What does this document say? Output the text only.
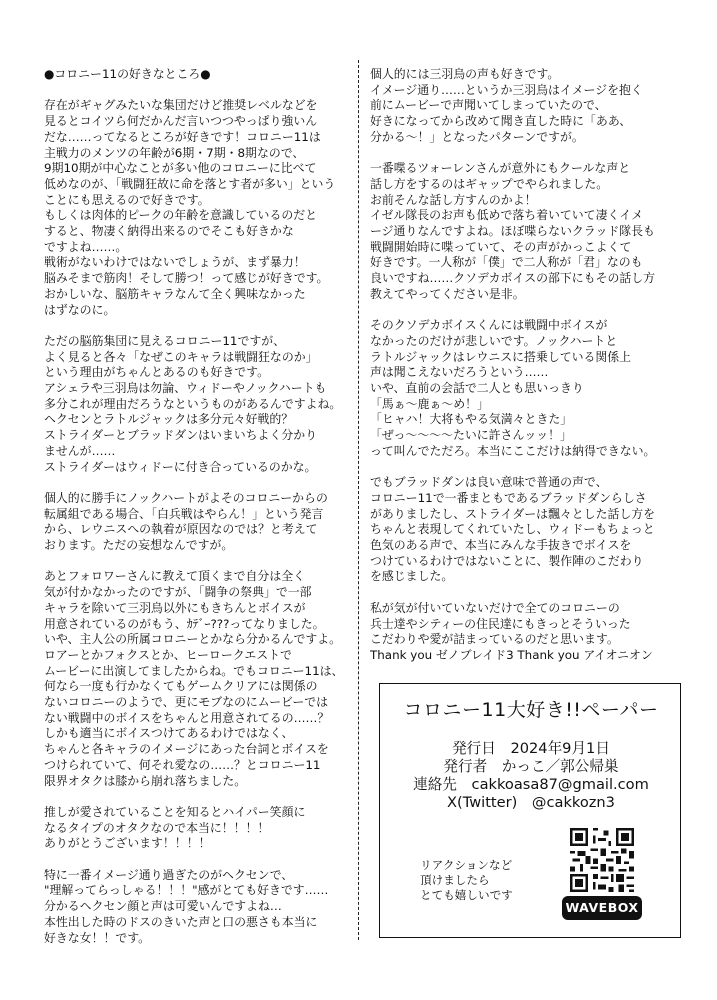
●コロニー11の好きなところ●

存在がギャグみたいな集団だけど推奨レベルなどを
見るとコイツら何だかんだ言いつつやっぱり強いん
だな……ってなるところが好きです！コロニー11は
主戦力のメンツの年齢が6期・7期・8期なので、
9期10期が中心なことが多い他のコロニーに比べて
低めなのが、「戦闘狂故に命を落とす者が多い」という
ことにも思えるので好きです。
もしくは肉体的ピークの年齢を意識しているのだと
すると、物凄く納得出来るのでそこも好きかな
ですよね……。
戦術がないわけではないでしょうが、まず暴力！
脳みそまで筋肉！そして勝つ！って感じが好きです。
おかしいな、脳筋キャラなんて全く興味なかった
はずなのに。

ただの脳筋集団に見えるコロニー11ですが、
よく見ると各々「なぜこのキャラは戦闘狂なのか」
という理由がちゃんとあるのも好きです。
アシェラや三羽烏は勿論、ウィドーやノックハートも
多分これが理由だろうなというものがあるんですよね。
ヘクセンとラトルジャックは多分元々好戦的？
ストライダーとブラッドダンはいまいちよく分かり
ませんが……
ストライダーはウィドーに付き合っているのかな。

個人的に勝手にノックハートがよそのコロニーからの
転属組である場合、「白兵戦はやらん！」という発言
から、レウニスへの執着が原因なのでは？と考えて
おります。ただの妄想なんですが。

あとフォロワーさんに教えて頂くまで自分は全く
気が付かなかったのですが、「闘争の祭典」で一部
キャラを除いて三羽烏以外にもきちんとボイスが
用意されているのがもう、ｶﾃﾞｰ???ってなりました。
いや、主人公の所属コロニーとかなら分かるんですよ。
ロアーとかフォクスとか、ヒーロークエストで
ムービーに出演してましたからね。でもコロニー11は、
何なら一度も行かなくてもゲームクリアには関係の
ないコロニーのようで、更にモブなのにムービーでは
ない戦闘中のボイスをちゃんと用意されてるの……？
しかも適当にボイスつけてあるわけではなく、
ちゃんと各キャラのイメージにあった台詞とボイスを
つけられていて、何それ愛なの……？とコロニー11
限界オタクは膝から崩れ落ちました。

推しが愛されていることを知るとハイパー笑顔に
なるタイプのオタクなので本当に！！！！
ありがとうございます！！！！

特に一番イメージ通り過ぎたのがヘクセンで、
"理解ってらっしゃる！！！"感がとても好きです……
分かるヘクセン顔と声は可愛いんですよね…
本性出した時のドスのきいた声と口の悪さも本当に
好きな女！！です。

個人的には三羽烏の声も好きです。
イメージ通り……というか三羽烏はイメージを抱く
前にムービーで声聞いてしまっていたので、
好きになってから改めて聞き直した時に「ああ、
分かる〜！」となったパターンですが。

一番喋るツォーレンさんが意外にもクールな声と
話し方をするのはギャップでやられました。
お前そんな話し方すんのかよ！
イゼル隊長のお声も低めで落ち着いていて凄くイメ
ージ通りなんですよね。ほぼ喋らないクラッド隊長も
戦闘開始時に喋っていて、その声がかっこよくて
好きです。一人称が「僕」で二人称が「君」なのも
良いですね……クソデカボイスの部下にもその話し方
教えてやってください是非。

そのクソデカボイスくんには戦闘中ボイスが
なかったのだけが悲しいです。ノックハートと
ラトルジャックはレウニスに搭乗している関係上
声は聞こえないだろうという……
いや、直前の会話で二人とも思いっきり
「馬ぁ〜鹿ぁ〜め！」
「ヒャハ！大将もやる気満々ときた」
「ぜっ〜〜〜〜たいに許さんッッ！」
って叫んでただろ。本当にここだけは納得できない。

でもブラッドダンは良い意味で普通の声で、
コロニー11で一番まともであるブラッドダンらしさ
がありましたし、ストライダーは飄々とした話し方を
ちゃんと表現してくれていたし、ウィドーもちょっと
色気のある声で、本当にみんな手抜きでボイスを
つけているわけではないことに、製作陣のこだわり
を感じました。

私が気が付いていないだけで全てのコロニーの
兵士達やシティーの住民達にもきっとそういった
こだわりや愛が詰まっているのだと思います。
Thank you ゼノブレイド3 Thank you アイオニオン

コロニー11大好き!!ペーパー
発行日　2024年9月1日
発行者　かっこ／郭公帰巣
連絡先　cakkoasa87@gmail.com
X(Twitter)　@cakkozn3
リアクションなど
頂けましたら
とても嬉しいです
WAVEBOX
